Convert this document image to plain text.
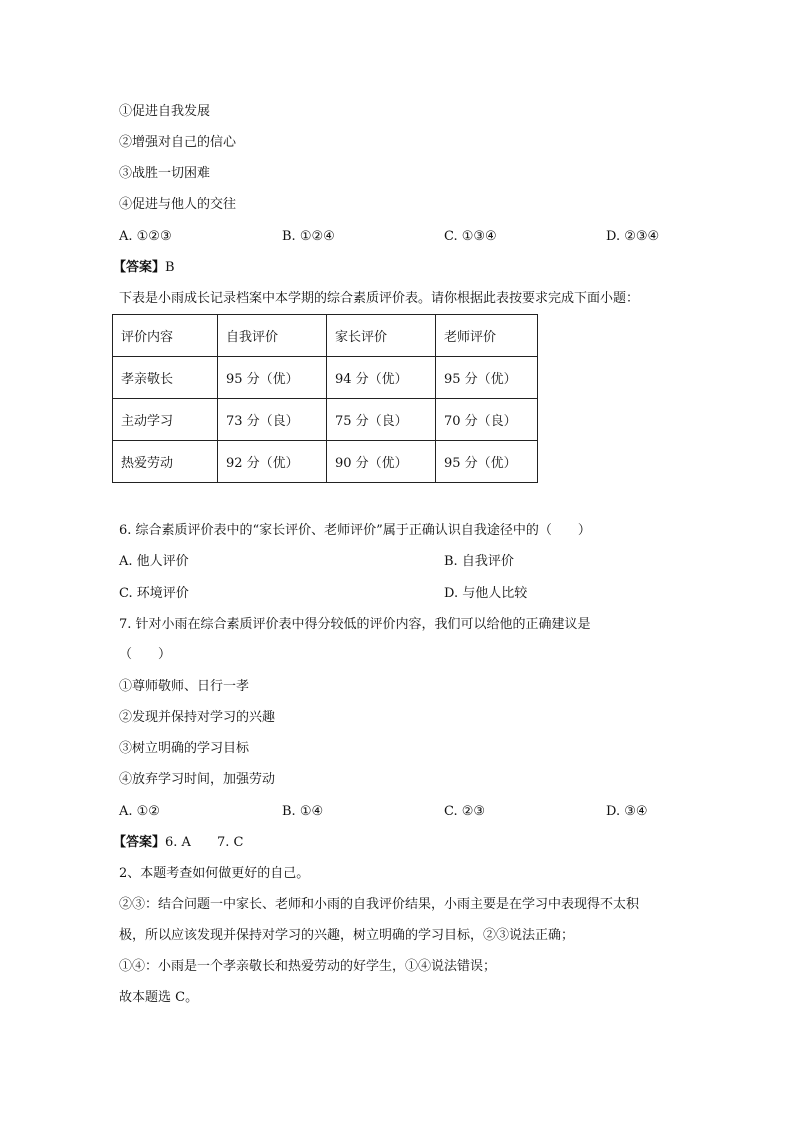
①促进自我发展
②增强对自己的信心
③战胜一切困难
④促进与他人的交往
A. ①②③	B. ①②④	C. ①③④	D. ②③④
【答案】B
下表是小雨成长记录档案中本学期的综合素质评价表。请你根据此表按要求完成下面小题：
评价内容	自我评价	家长评价	老师评价
孝亲敬长	95 分（优）	94 分（优）	95 分（优）
主动学习	73 分（良）	75 分（良）	70 分（良）
热爱劳动	92 分（优）	90 分（优）	95 分（优）
6. 综合素质评价表中的“家长评价、老师评价”属于正确认识自我途径中的（　　）
A. 他人评价	B. 自我评价
C. 环境评价	D. 与他人比较
7. 针对小雨在综合素质评价表中得分较低的评价内容，我们可以给他的正确建议是
（　　）
①尊师敬师、日行一孝
②发现并保持对学习的兴趣
③树立明确的学习目标
④放弃学习时间，加强劳动
A. ①②	B. ①④	C. ②③	D. ③④
【答案】6. A　　7. C
2、本题考查如何做更好的自己。
②③：结合问题一中家长、老师和小雨的自我评价结果，小雨主要是在学习中表现得不太积
极，所以应该发现并保持对学习的兴趣，树立明确的学习目标，②③说法正确；
①④：小雨是一个孝亲敬长和热爱劳动的好学生，①④说法错误；
故本题选 C。
